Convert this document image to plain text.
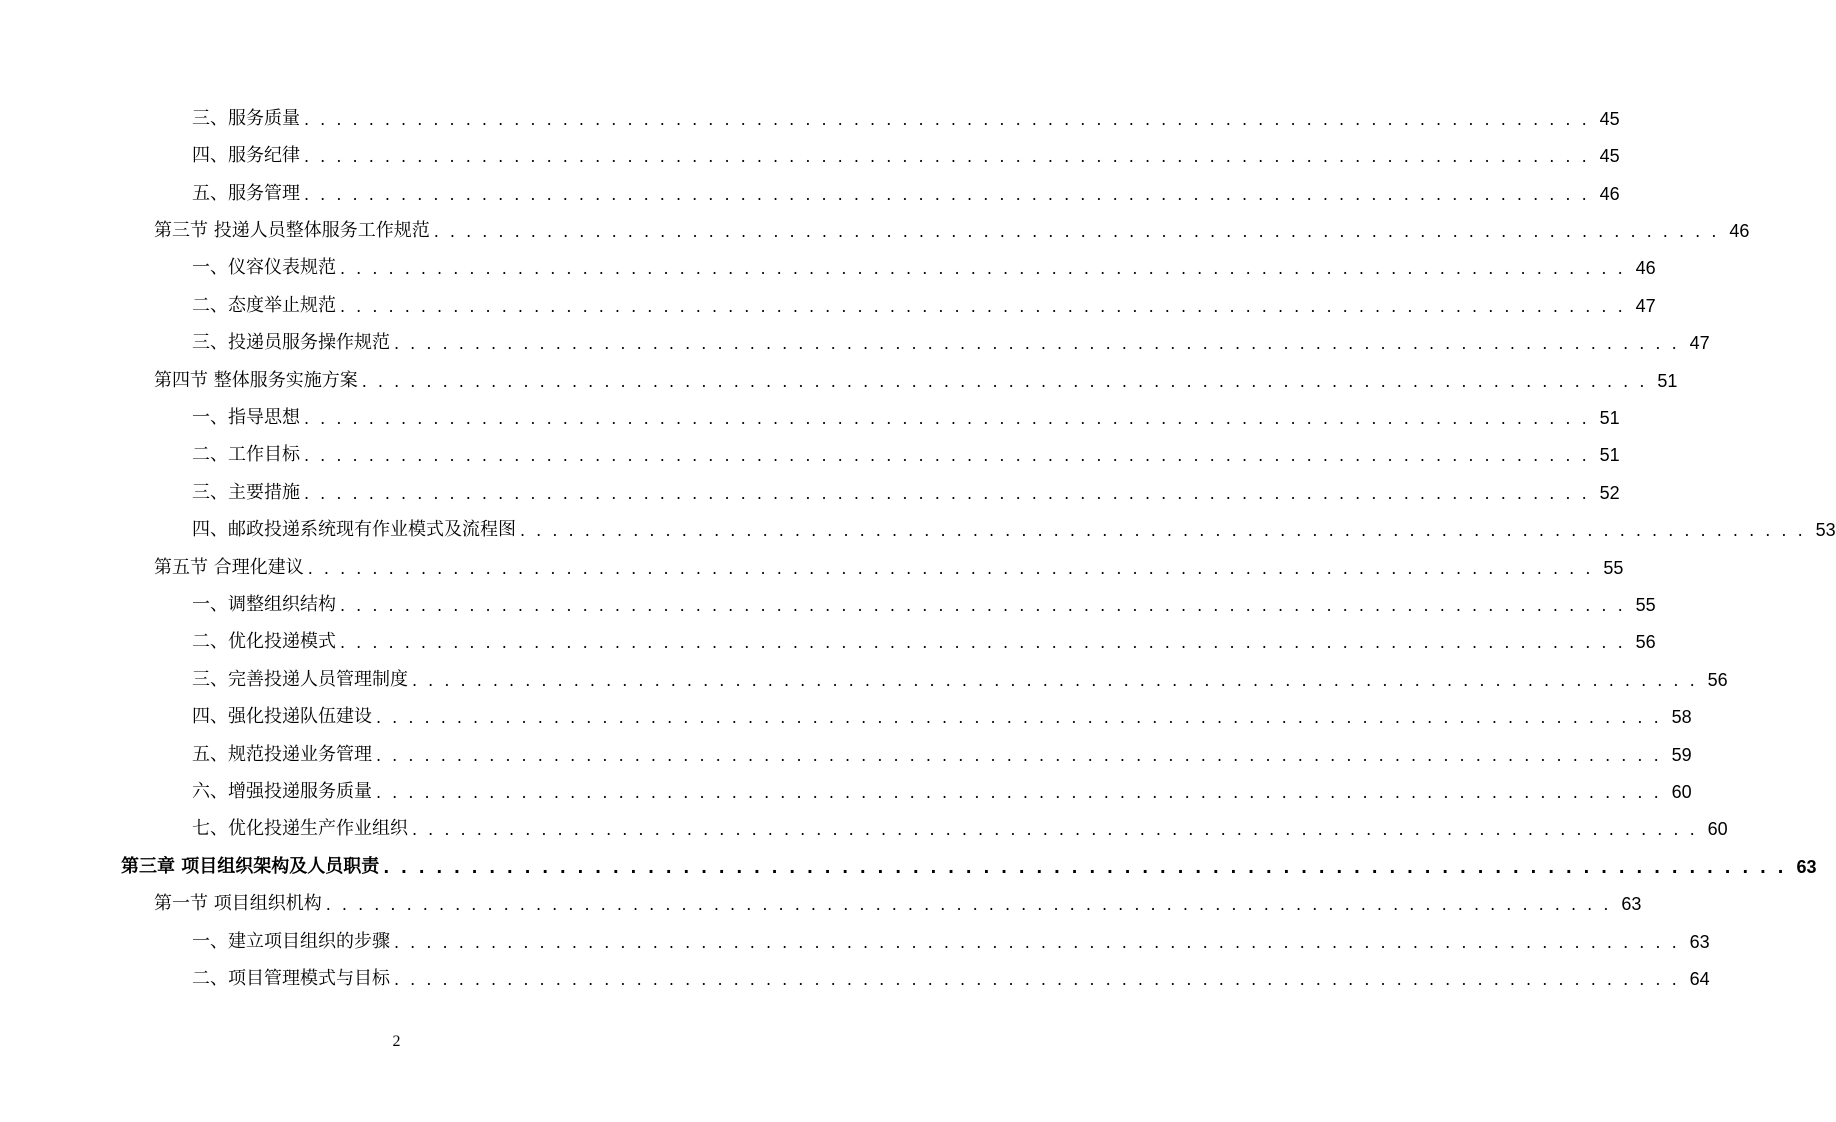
三、服务质量 . . . . . . . . . . . . . . . . . . . . . . . . . . . . . . . . . . . . . . . . . . . . . . . . . . . . . . . . . . . . . . . . . . . . . . . . . . . . . . . . 45
四、服务纪律 . . . . . . . . . . . . . . . . . . . . . . . . . . . . . . . . . . . . . . . . . . . . . . . . . . . . . . . . . . . . . . . . . . . . . . . . . . . . . . . . 45
五、服务管理 . . . . . . . . . . . . . . . . . . . . . . . . . . . . . . . . . . . . . . . . . . . . . . . . . . . . . . . . . . . . . . . . . . . . . . . . . . . . . . . . 46
第三节 投递人员整体服务工作规范 . . . . . . . . . . . . . . . . . . . . . . . . . . . . . . . . . . . . . . . . . . . . . . . . . . . . . . . . . . . . . . . . . . . . . . . . . . . . . . . . 46
一、仪容仪表规范 . . . . . . . . . . . . . . . . . . . . . . . . . . . . . . . . . . . . . . . . . . . . . . . . . . . . . . . . . . . . . . . . . . . . . . . . . . . . . . . . 46
二、态度举止规范 . . . . . . . . . . . . . . . . . . . . . . . . . . . . . . . . . . . . . . . . . . . . . . . . . . . . . . . . . . . . . . . . . . . . . . . . . . . . . . . . 47
三、投递员服务操作规范 . . . . . . . . . . . . . . . . . . . . . . . . . . . . . . . . . . . . . . . . . . . . . . . . . . . . . . . . . . . . . . . . . . . . . . . . . . . . . . . . 47
第四节 整体服务实施方案 . . . . . . . . . . . . . . . . . . . . . . . . . . . . . . . . . . . . . . . . . . . . . . . . . . . . . . . . . . . . . . . . . . . . . . . . . . . . . . . . 51
一、指导思想 . . . . . . . . . . . . . . . . . . . . . . . . . . . . . . . . . . . . . . . . . . . . . . . . . . . . . . . . . . . . . . . . . . . . . . . . . . . . . . . . 51
二、工作目标 . . . . . . . . . . . . . . . . . . . . . . . . . . . . . . . . . . . . . . . . . . . . . . . . . . . . . . . . . . . . . . . . . . . . . . . . . . . . . . . . 51
三、主要措施 . . . . . . . . . . . . . . . . . . . . . . . . . . . . . . . . . . . . . . . . . . . . . . . . . . . . . . . . . . . . . . . . . . . . . . . . . . . . . . . . 52
四、邮政投递系统现有作业模式及流程图 . . . . . . . . . . . . . . . . . . . . . . . . . . . . . . . . . . . . . . . . . . . . . . . . . . . . . . . . . . . . . . . . . . . . . . . . . . . . . . . . 53
第五节 合理化建议 . . . . . . . . . . . . . . . . . . . . . . . . . . . . . . . . . . . . . . . . . . . . . . . . . . . . . . . . . . . . . . . . . . . . . . . . . . . . . . . . 55
一、调整组织结构 . . . . . . . . . . . . . . . . . . . . . . . . . . . . . . . . . . . . . . . . . . . . . . . . . . . . . . . . . . . . . . . . . . . . . . . . . . . . . . . . 55
二、优化投递模式 . . . . . . . . . . . . . . . . . . . . . . . . . . . . . . . . . . . . . . . . . . . . . . . . . . . . . . . . . . . . . . . . . . . . . . . . . . . . . . . . 56
三、完善投递人员管理制度 . . . . . . . . . . . . . . . . . . . . . . . . . . . . . . . . . . . . . . . . . . . . . . . . . . . . . . . . . . . . . . . . . . . . . . . . . . . . . . . . 56
四、强化投递队伍建设 . . . . . . . . . . . . . . . . . . . . . . . . . . . . . . . . . . . . . . . . . . . . . . . . . . . . . . . . . . . . . . . . . . . . . . . . . . . . . . . . 58
五、规范投递业务管理 . . . . . . . . . . . . . . . . . . . . . . . . . . . . . . . . . . . . . . . . . . . . . . . . . . . . . . . . . . . . . . . . . . . . . . . . . . . . . . . . 59
六、增强投递服务质量 . . . . . . . . . . . . . . . . . . . . . . . . . . . . . . . . . . . . . . . . . . . . . . . . . . . . . . . . . . . . . . . . . . . . . . . . . . . . . . . . 60
七、优化投递生产作业组织 . . . . . . . . . . . . . . . . . . . . . . . . . . . . . . . . . . . . . . . . . . . . . . . . . . . . . . . . . . . . . . . . . . . . . . . . . . . . . . . . 60
第三章 项目组织架构及人员职责 . . . . . . . . . . . . . . . . . . . . . . . . . . . . . . . . . . . . . . . . . . . . . . . . . . . . . . . . . . . . . . . . . . . . . . . . . . . . . . . . 63
第一节 项目组织机构 . . . . . . . . . . . . . . . . . . . . . . . . . . . . . . . . . . . . . . . . . . . . . . . . . . . . . . . . . . . . . . . . . . . . . . . . . . . . . . . . 63
一、建立项目组织的步骤 . . . . . . . . . . . . . . . . . . . . . . . . . . . . . . . . . . . . . . . . . . . . . . . . . . . . . . . . . . . . . . . . . . . . . . . . . . . . . . . . 63
二、项目管理模式与目标 . . . . . . . . . . . . . . . . . . . . . . . . . . . . . . . . . . . . . . . . . . . . . . . . . . . . . . . . . . . . . . . . . . . . . . . . . . . . . . . . 64
2
